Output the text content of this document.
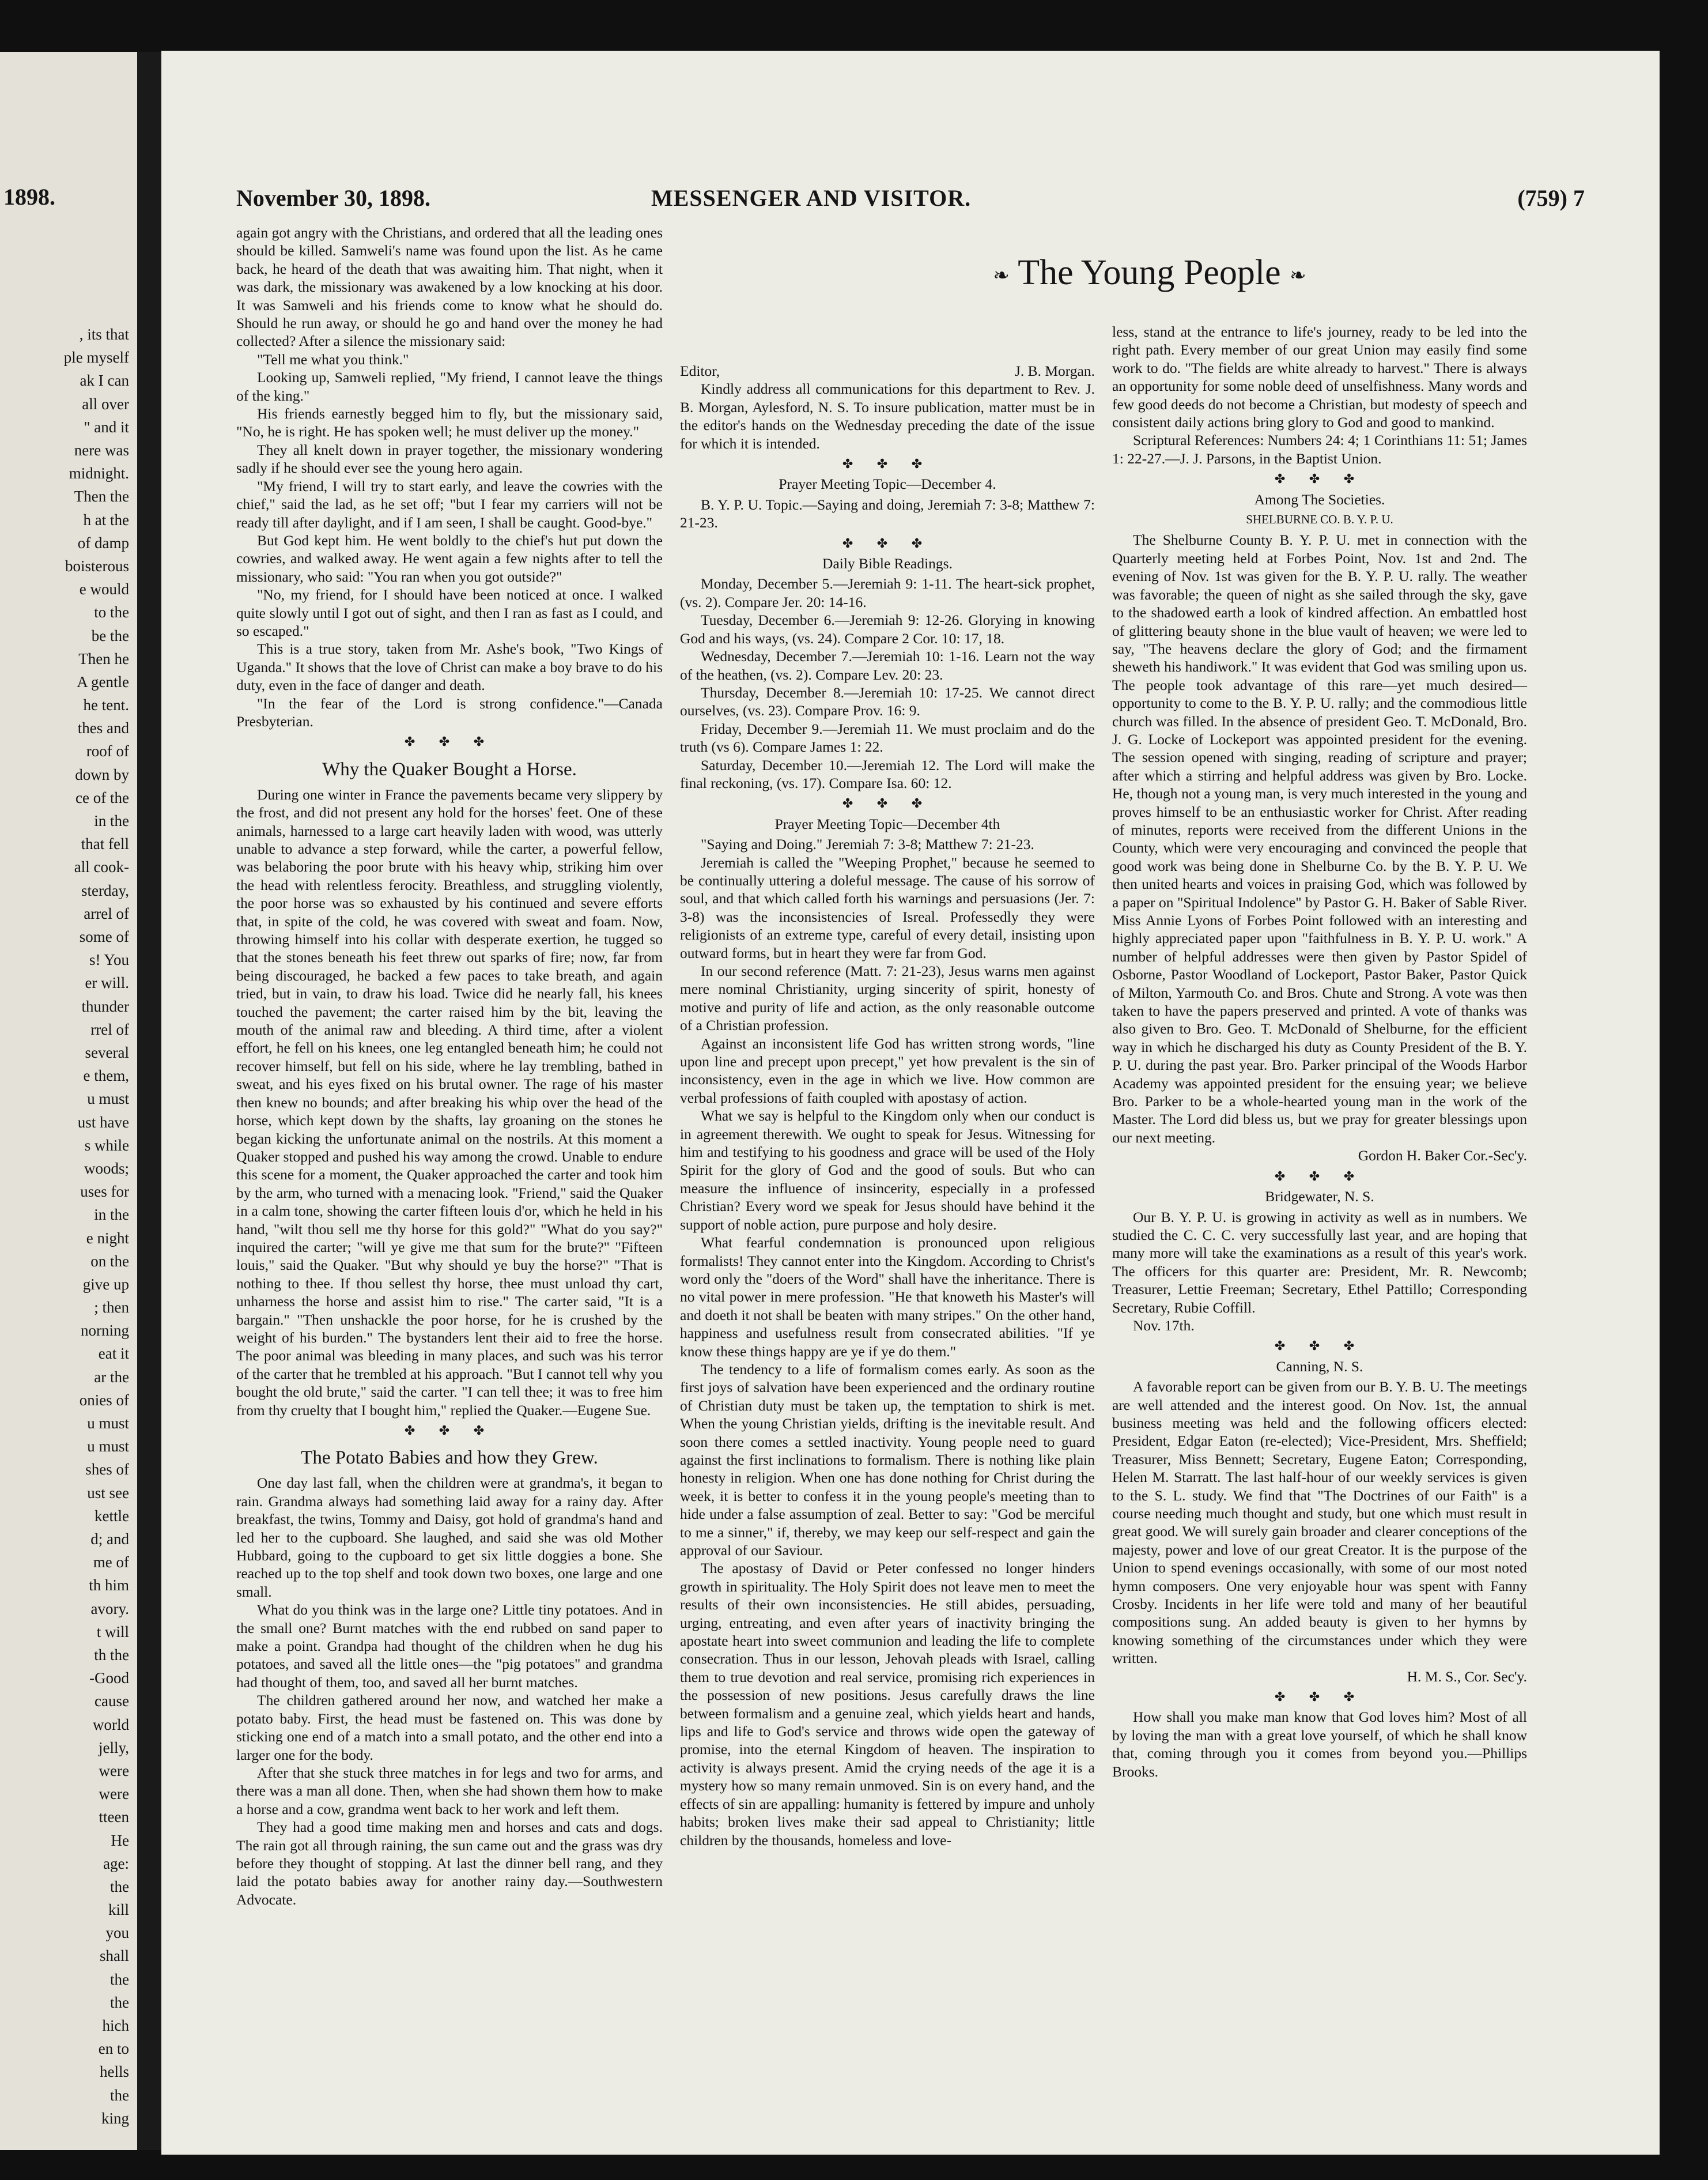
1898.
, its that
ple myself
ak I can
all over
" and it
nere was
midnight.
Then the
h at the
of damp
boisterous
e would
to the
be the
Then he
A gentle
he tent.
thes and
roof of
down by
ce of the
in the
that fell
all cook-
sterday,
arrel of
some of
s! You
er will.
thunder
rrel of
several
e them,
u must
ust have
s while
woods;
uses for
in the
e night
on the
give up
; then
norning
eat it
ar the
onies of
u must
u must
shes of
ust see
kettle
d; and
me of
th him
avory.
t will
th the
-Good
cause
world
jelly,
were
were
tteen
He
age:
the
kill
you
shall
the
the
hich
en to
hells
the
king
November 30, 1898.	MESSENGER AND VISITOR.	(759) 7

again got angry with the Christians, and ordered that all the leading ones should be killed. Samweli's name was found upon the list. As he came back, he heard of the death that was awaiting him. That night, when it was dark, the missionary was awakened by a low knocking at his door. It was Samweli and his friends come to know what he should do. Should he run away, or should he go and hand over the money he had collected? After a silence the missionary said:

"Tell me what you think."

Looking up, Samweli replied, "My friend, I cannot leave the things of the king."

His friends earnestly begged him to fly, but the missionary said, "No, he is right. He has spoken well; he must deliver up the money."

They all knelt down in prayer together, the missionary wondering sadly if he should ever see the young hero again.

"My friend, I will try to start early, and leave the cowries with the chief," said the lad, as he set off; "but I fear my carriers will not be ready till after daylight, and if I am seen, I shall be caught. Good-bye."

But God kept him. He went boldly to the chief's hut put down the cowries, and walked away. He went again a few nights after to tell the missionary, who said: "You ran when you got outside?"

"No, my friend, for I should have been noticed at once. I walked quite slowly until I got out of sight, and then I ran as fast as I could, and so escaped."

This is a true story, taken from Mr. Ashe's book, "Two Kings of Uganda." It shows that the love of Christ can make a boy brave to do his duty, even in the face of danger and death.

"In the fear of the Lord is strong confidence."—Canada Presbyterian.

✤ ✤ ✤
Why the Quaker Bought a Horse.

During one winter in France the pavements became very slippery by the frost, and did not present any hold for the horses' feet. One of these animals, harnessed to a large cart heavily laden with wood, was utterly unable to advance a step forward, while the carter, a powerful fellow, was belaboring the poor brute with his heavy whip, striking him over the head with relentless ferocity. Breathless, and struggling violently, the poor horse was so exhausted by his continued and severe efforts that, in spite of the cold, he was covered with sweat and foam. Now, throwing himself into his collar with desperate exertion, he tugged so that the stones beneath his feet threw out sparks of fire; now, far from being discouraged, he backed a few paces to take breath, and again tried, but in vain, to draw his load. Twice did he nearly fall, his knees touched the pavement; the carter raised him by the bit, leaving the mouth of the animal raw and bleeding. A third time, after a violent effort, he fell on his knees, one leg entangled beneath him; he could not recover himself, but fell on his side, where he lay trembling, bathed in sweat, and his eyes fixed on his brutal owner. The rage of his master then knew no bounds; and after breaking his whip over the head of the horse, which kept down by the shafts, lay groaning on the stones he began kicking the unfortunate animal on the nostrils. At this moment a Quaker stopped and pushed his way among the crowd. Unable to endure this scene for a moment, the Quaker approached the carter and took him by the arm, who turned with a menacing look. "Friend," said the Quaker in a calm tone, showing the carter fifteen louis d'or, which he held in his hand, "wilt thou sell me thy horse for this gold?" "What do you say?" inquired the carter; "will ye give me that sum for the brute?" "Fifteen louis," said the Quaker. "But why should ye buy the horse?" "That is nothing to thee. If thou sellest thy horse, thee must unload thy cart, unharness the horse and assist him to rise." The carter said, "It is a bargain." "Then unshackle the poor horse, for he is crushed by the weight of his burden." The bystanders lent their aid to free the horse. The poor animal was bleeding in many places, and such was his terror of the carter that he trembled at his approach. "But I cannot tell why you bought the old brute," said the carter. "I can tell thee; it was to free him from thy cruelty that I bought him," replied the Quaker.—Eugene Sue.

✤ ✤ ✤
The Potato Babies and how they Grew.

One day last fall, when the children were at grandma's, it began to rain. Grandma always had something laid away for a rainy day. After breakfast, the twins, Tommy and Daisy, got hold of grandma's hand and led her to the cupboard. She laughed, and said she was old Mother Hubbard, going to the cupboard to get six little doggies a bone. She reached up to the top shelf and took down two boxes, one large and one small.

What do you think was in the large one? Little tiny potatoes. And in the small one? Burnt matches with the end rubbed on sand paper to make a point. Grandpa had thought of the children when he dug his potatoes, and saved all the little ones—the "pig potatoes" and grandma had thought of them, too, and saved all her burnt matches.

The children gathered around her now, and watched her make a potato baby. First, the head must be fastened on. This was done by sticking one end of a match into a small potato, and the other end into a larger one for the body.

After that she stuck three matches in for legs and two for arms, and there was a man all done. Then, when she had shown them how to make a horse and a cow, grandma went back to her work and left them.

They had a good time making men and horses and cats and dogs. The rain got all through raining, the sun came out and the grass was dry before they thought of stopping. At last the dinner bell rang, and they laid the potato babies away for another rainy day.—Southwestern Advocate.

❧ The Young People ❧
Editor,	J. B. Morgan.

Kindly address all communications for this department to Rev. J. B. Morgan, Aylesford, N. S. To insure publication, matter must be in the editor's hands on the Wednesday preceding the date of the issue for which it is intended.

✤ ✤ ✤
Prayer Meeting Topic—December 4.

B. Y. P. U. Topic.—Saying and doing, Jeremiah 7: 3-8; Matthew 7: 21-23.

✤ ✤ ✤
Daily Bible Readings.

Monday, December 5.—Jeremiah 9: 1-11. The heart-sick prophet, (vs. 2). Compare Jer. 20: 14-16.

Tuesday, December 6.—Jeremiah 9: 12-26. Glorying in knowing God and his ways, (vs. 24). Compare 2 Cor. 10: 17, 18.

Wednesday, December 7.—Jeremiah 10: 1-16. Learn not the way of the heathen, (vs. 2). Compare Lev. 20: 23.

Thursday, December 8.—Jeremiah 10: 17-25. We cannot direct ourselves, (vs. 23). Compare Prov. 16: 9.

Friday, December 9.—Jeremiah 11. We must proclaim and do the truth (vs 6). Compare James 1: 22.

Saturday, December 10.—Jeremiah 12. The Lord will make the final reckoning, (vs. 17). Compare Isa. 60: 12.

✤ ✤ ✤
Prayer Meeting Topic—December 4th

"Saying and Doing." Jeremiah 7: 3-8; Matthew 7: 21-23.

Jeremiah is called the "Weeping Prophet," because he seemed to be continually uttering a doleful message. The cause of his sorrow of soul, and that which called forth his warnings and persuasions (Jer. 7: 3-8) was the inconsistencies of Isreal. Professedly they were religionists of an extreme type, careful of every detail, insisting upon outward forms, but in heart they were far from God.

In our second reference (Matt. 7: 21-23), Jesus warns men against mere nominal Christianity, urging sincerity of spirit, honesty of motive and purity of life and action, as the only reasonable outcome of a Christian profession.

Against an inconsistent life God has written strong words, "line upon line and precept upon precept," yet how prevalent is the sin of inconsistency, even in the age in which we live. How common are verbal professions of faith coupled with apostasy of action.

What we say is helpful to the Kingdom only when our conduct is in agreement therewith. We ought to speak for Jesus. Witnessing for him and testifying to his goodness and grace will be used of the Holy Spirit for the glory of God and the good of souls. But who can measure the influence of insincerity, especially in a professed Christian? Every word we speak for Jesus should have behind it the support of noble action, pure purpose and holy desire.

What fearful condemnation is pronounced upon religious formalists! They cannot enter into the Kingdom. According to Christ's word only the "doers of the Word" shall have the inheritance. There is no vital power in mere profession. "He that knoweth his Master's will and doeth it not shall be beaten with many stripes." On the other hand, happiness and usefulness result from consecrated abilities. "If ye know these things happy are ye if ye do them."

The tendency to a life of formalism comes early. As soon as the first joys of salvation have been experienced and the ordinary routine of Christian duty must be taken up, the temptation to shirk is met. When the young Christian yields, drifting is the inevitable result. And soon there comes a settled inactivity. Young people need to guard against the first inclinations to formalism. There is nothing like plain honesty in religion. When one has done nothing for Christ during the week, it is better to confess it in the young people's meeting than to hide under a false assumption of zeal. Better to say: "God be merciful to me a sinner," if, thereby, we may keep our self-respect and gain the approval of our Saviour.

The apostasy of David or Peter confessed no longer hinders growth in spirituality. The Holy Spirit does not leave men to meet the results of their own inconsistencies. He still abides, persuading, urging, entreating, and even after years of inactivity bringing the apostate heart into sweet communion and leading the life to complete consecration. Thus in our lesson, Jehovah pleads with Israel, calling them to true devotion and real service, promising rich experiences in the possession of new positions. Jesus carefully draws the line between formalism and a genuine zeal, which yields heart and hands, lips and life to God's service and throws wide open the gateway of promise, into the eternal Kingdom of heaven. The inspiration to activity is always present. Amid the crying needs of the age it is a mystery how so many remain unmoved. Sin is on every hand, and the effects of sin are appalling: humanity is fettered by impure and unholy habits; broken lives make their sad appeal to Christianity; little children by the thousands, homeless and love-

less, stand at the entrance to life's journey, ready to be led into the right path. Every member of our great Union may easily find some work to do. "The fields are white already to harvest." There is always an opportunity for some noble deed of unselfishness. Many words and few good deeds do not become a Christian, but modesty of speech and consistent daily actions bring glory to God and good to mankind.

Scriptural References: Numbers 24: 4; 1 Corinthians 11: 51; James 1: 22-27.—J. J. Parsons, in the Baptist Union.

✤ ✤ ✤
Among The Societies.
SHELBURNE CO. B. Y. P. U.

The Shelburne County B. Y. P. U. met in connection with the Quarterly meeting held at Forbes Point, Nov. 1st and 2nd. The evening of Nov. 1st was given for the B. Y. P. U. rally. The weather was favorable; the queen of night as she sailed through the sky, gave to the shadowed earth a look of kindred affection. An embattled host of glittering beauty shone in the blue vault of heaven; we were led to say, "The heavens declare the glory of God; and the firmament sheweth his handiwork." It was evident that God was smiling upon us. The people took advantage of this rare—yet much desired—opportunity to come to the B. Y. P. U. rally; and the commodious little church was filled. In the absence of president Geo. T. McDonald, Bro. J. G. Locke of Lockeport was appointed president for the evening. The session opened with singing, reading of scripture and prayer; after which a stirring and helpful address was given by Bro. Locke. He, though not a young man, is very much interested in the young and proves himself to be an enthusiastic worker for Christ. After reading of minutes, reports were received from the different Unions in the County, which were very encouraging and convinced the people that good work was being done in Shelburne Co. by the B. Y. P. U. We then united hearts and voices in praising God, which was followed by a paper on "Spiritual Indolence" by Pastor G. H. Baker of Sable River. Miss Annie Lyons of Forbes Point followed with an interesting and highly appreciated paper upon "faithfulness in B. Y. P. U. work." A number of helpful addresses were then given by Pastor Spidel of Osborne, Pastor Woodland of Lockeport, Pastor Baker, Pastor Quick of Milton, Yarmouth Co. and Bros. Chute and Strong. A vote was then taken to have the papers preserved and printed. A vote of thanks was also given to Bro. Geo. T. McDonald of Shelburne, for the efficient way in which he discharged his duty as County President of the B. Y. P. U. during the past year. Bro. Parker principal of the Woods Harbor Academy was appointed president for the ensuing year; we believe Bro. Parker to be a whole-hearted young man in the work of the Master. The Lord did bless us, but we pray for greater blessings upon our next meeting.

Gordon H. Baker Cor.-Sec'y.
✤ ✤ ✤
Bridgewater, N. S.

Our B. Y. P. U. is growing in activity as well as in numbers. We studied the C. C. C. very successfully last year, and are hoping that many more will take the examinations as a result of this year's work. The officers for this quarter are: President, Mr. R. Newcomb; Treasurer, Lettie Freeman; Secretary, Ethel Pattillo; Corresponding Secretary, Rubie Coffill.

Nov. 17th.

✤ ✤ ✤
Canning, N. S.

A favorable report can be given from our B. Y. B. U. The meetings are well attended and the interest good. On Nov. 1st, the annual business meeting was held and the following officers elected: President, Edgar Eaton (re-elected); Vice-President, Mrs. Sheffield; Treasurer, Miss Bennett; Secretary, Eugene Eaton; Corresponding, Helen M. Starratt. The last half-hour of our weekly services is given to the S. L. study. We find that "The Doctrines of our Faith" is a course needing much thought and study, but one which must result in great good. We will surely gain broader and clearer conceptions of the majesty, power and love of our great Creator. It is the purpose of the Union to spend evenings occasionally, with some of our most noted hymn composers. One very enjoyable hour was spent with Fanny Crosby. Incidents in her life were told and many of her beautiful compositions sung. An added beauty is given to her hymns by knowing something of the circumstances under which they were written.

H. M. S., Cor. Sec'y.
✤ ✤ ✤

How shall you make man know that God loves him? Most of all by loving the man with a great love yourself, of which he shall know that, coming through you it comes from beyond you.—Phillips Brooks.
